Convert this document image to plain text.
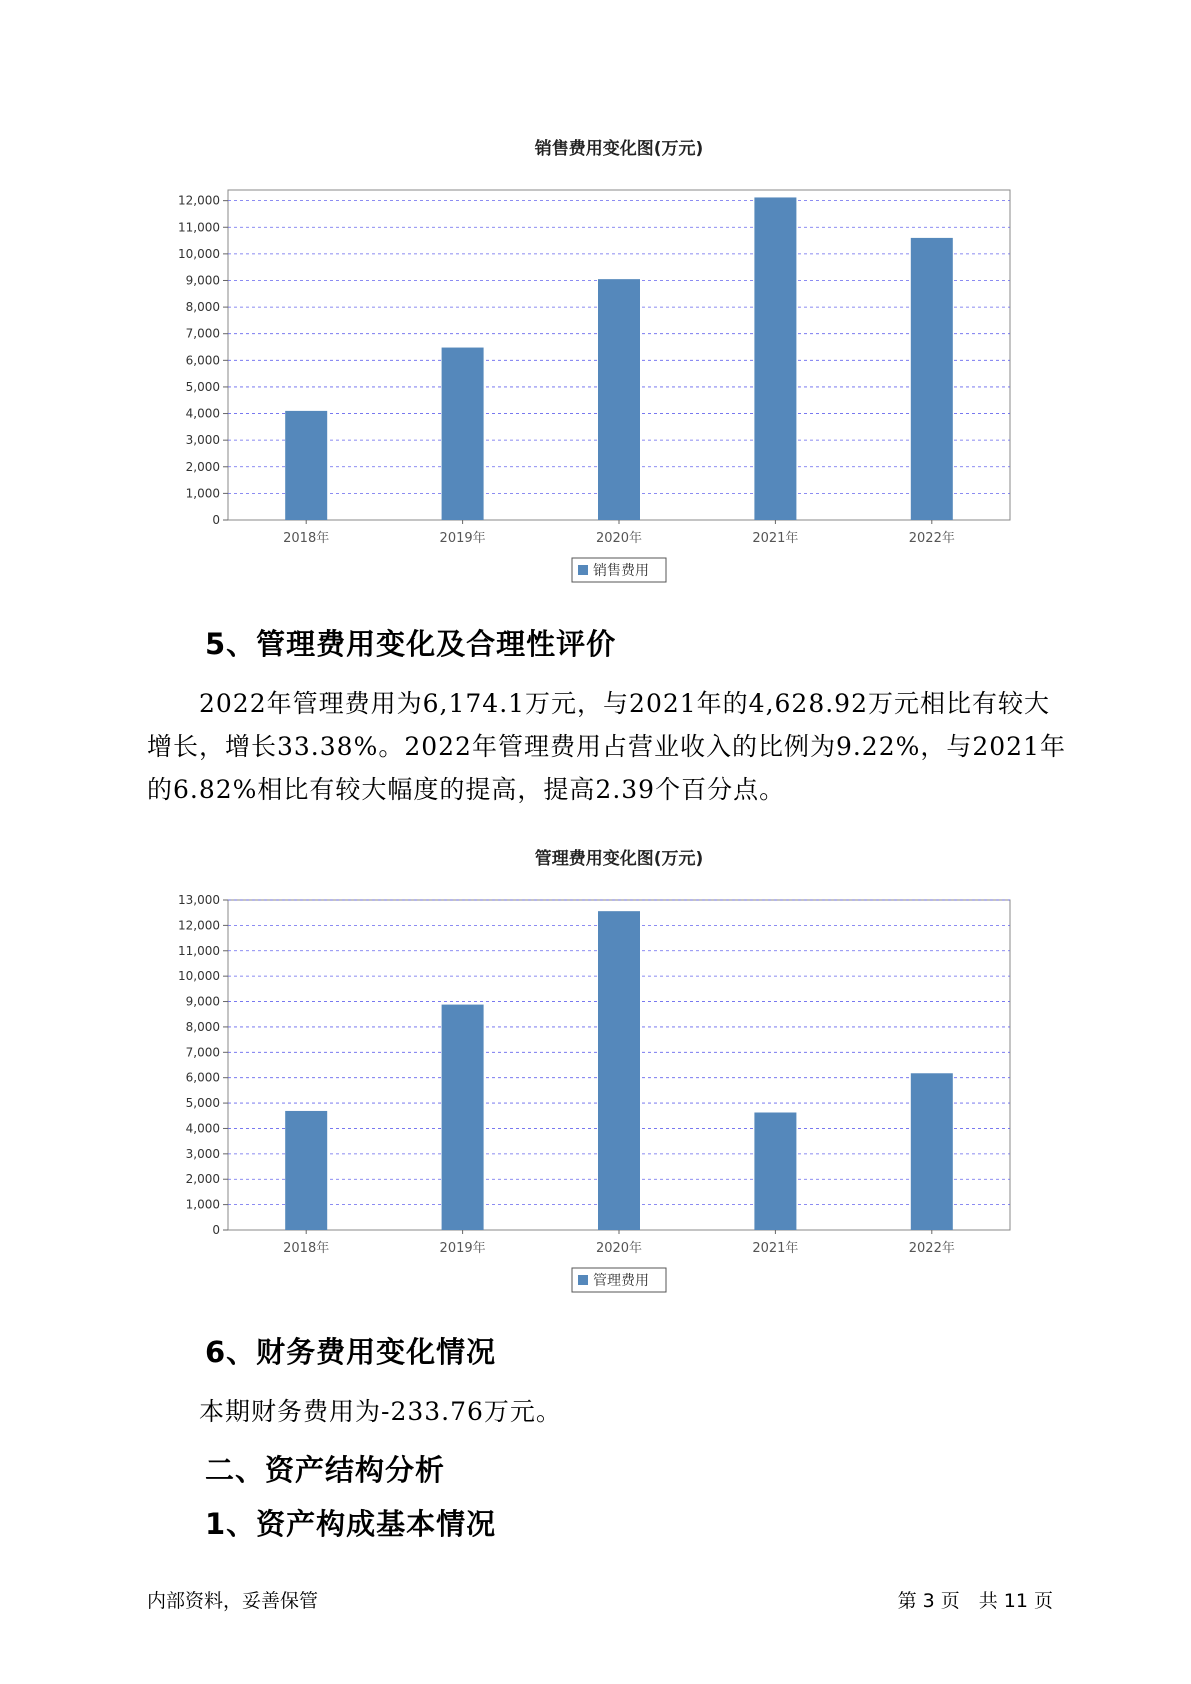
销售费用变化图(万元)
0
1,000
2,000
3,000
4,000
5,000
6,000
7,000
8,000
9,000
10,000
11,000
12,000
2018年	2019年	2020年	2021年	2022年
销售费用
5、管理费用变化及合理性评价

2022年管理费用为6,174.1万元，与2021年的4,628.92万元相比有较大

增长，增长33.38%。2022年管理费用占营业收入的比例为9.22%，与2021年

的6.82%相比有较大幅度的提高，提高2.39个百分点。

管理费用变化图(万元)
0
1,000
2,000
3,000
4,000
5,000
6,000
7,000
8,000
9,000
10,000
11,000
12,000
13,000
2018年	2019年	2020年	2021年	2022年
管理费用
6、财务费用变化情况

本期财务费用为-233.76万元。

二、资产结构分析
1、资产构成基本情况
内部资料，妥善保管	第 3 页　共 11 页
